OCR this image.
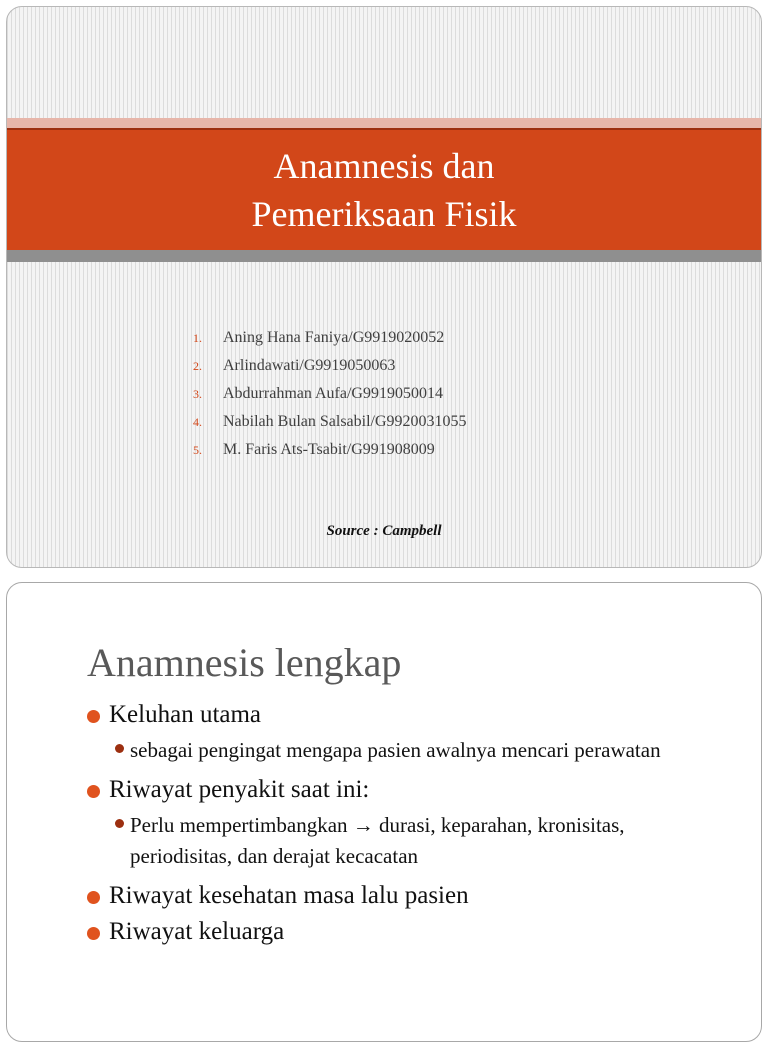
Anamnesis dan
Pemeriksaan Fisik
1.	Aning Hana Faniya/G9919020052
2.	Arlindawati/G9919050063
3.	Abdurrahman Aufa/G9919050014
4.	Nabilah Bulan Salsabil/G9920031055
5.	M. Faris Ats-Tsabit/G991908009
Source : Campbell
Anamnesis lengkap
Keluhan utama
sebagai pengingat mengapa pasien awalnya mencari perawatan
Riwayat penyakit saat ini:
Perlu mempertimbangkan → durasi, keparahan, kronisitas, periodisitas, dan derajat kecacatan
Riwayat kesehatan masa lalu pasien
Riwayat keluarga
